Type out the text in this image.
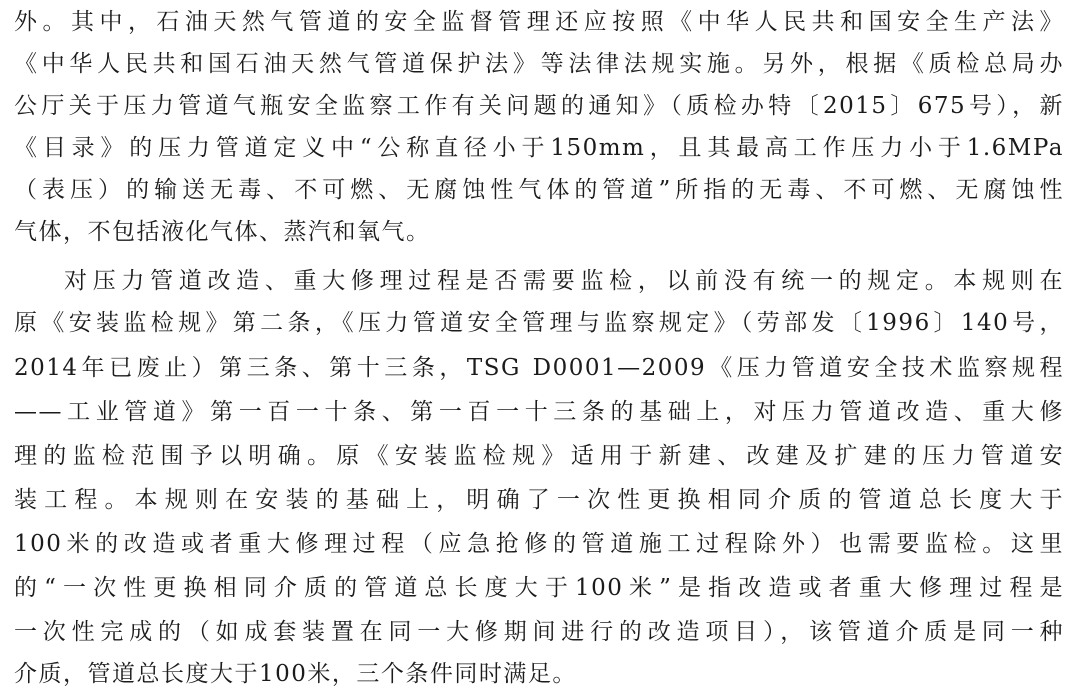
外。其中，石油天然气管道的安全监督管理还应按照《中华人民共和国安全生产法》
《中华人民共和国石油天然气管道保护法》等法律法规实施。另外，根据《质检总局办
公厅关于压力管道气瓶安全监察工作有关问题的通知》（质检办特〔2015〕675号），新
《目录》的压力管道定义中“公称直径小于150mm，且其最高工作压力小于1.6MPa
（表压）的输送无毒、不可燃、无腐蚀性气体的管道”所指的无毒、不可燃、无腐蚀性
气体，不包括液化气体、蒸汽和氧气。
对压力管道改造、重大修理过程是否需要监检，以前没有统一的规定。本规则在
原《安装监检规》第二条，《压力管道安全管理与监察规定》（劳部发〔1996〕140号，
2014年已废止）第三条、第十三条，TSG D0001—2009《压力管道安全技术监察规程
——工业管道》第一百一十条、第一百一十三条的基础上，对压力管道改造、重大修
理的监检范围予以明确。原《安装监检规》适用于新建、改建及扩建的压力管道安
装工程。本规则在安装的基础上，明确了一次性更换相同介质的管道总长度大于
100米的改造或者重大修理过程（应急抢修的管道施工过程除外）也需要监检。这里
的“一次性更换相同介质的管道总长度大于100米”是指改造或者重大修理过程是
一次性完成的（如成套装置在同一大修期间进行的改造项目），该管道介质是同一种
介质，管道总长度大于100米，三个条件同时满足。
